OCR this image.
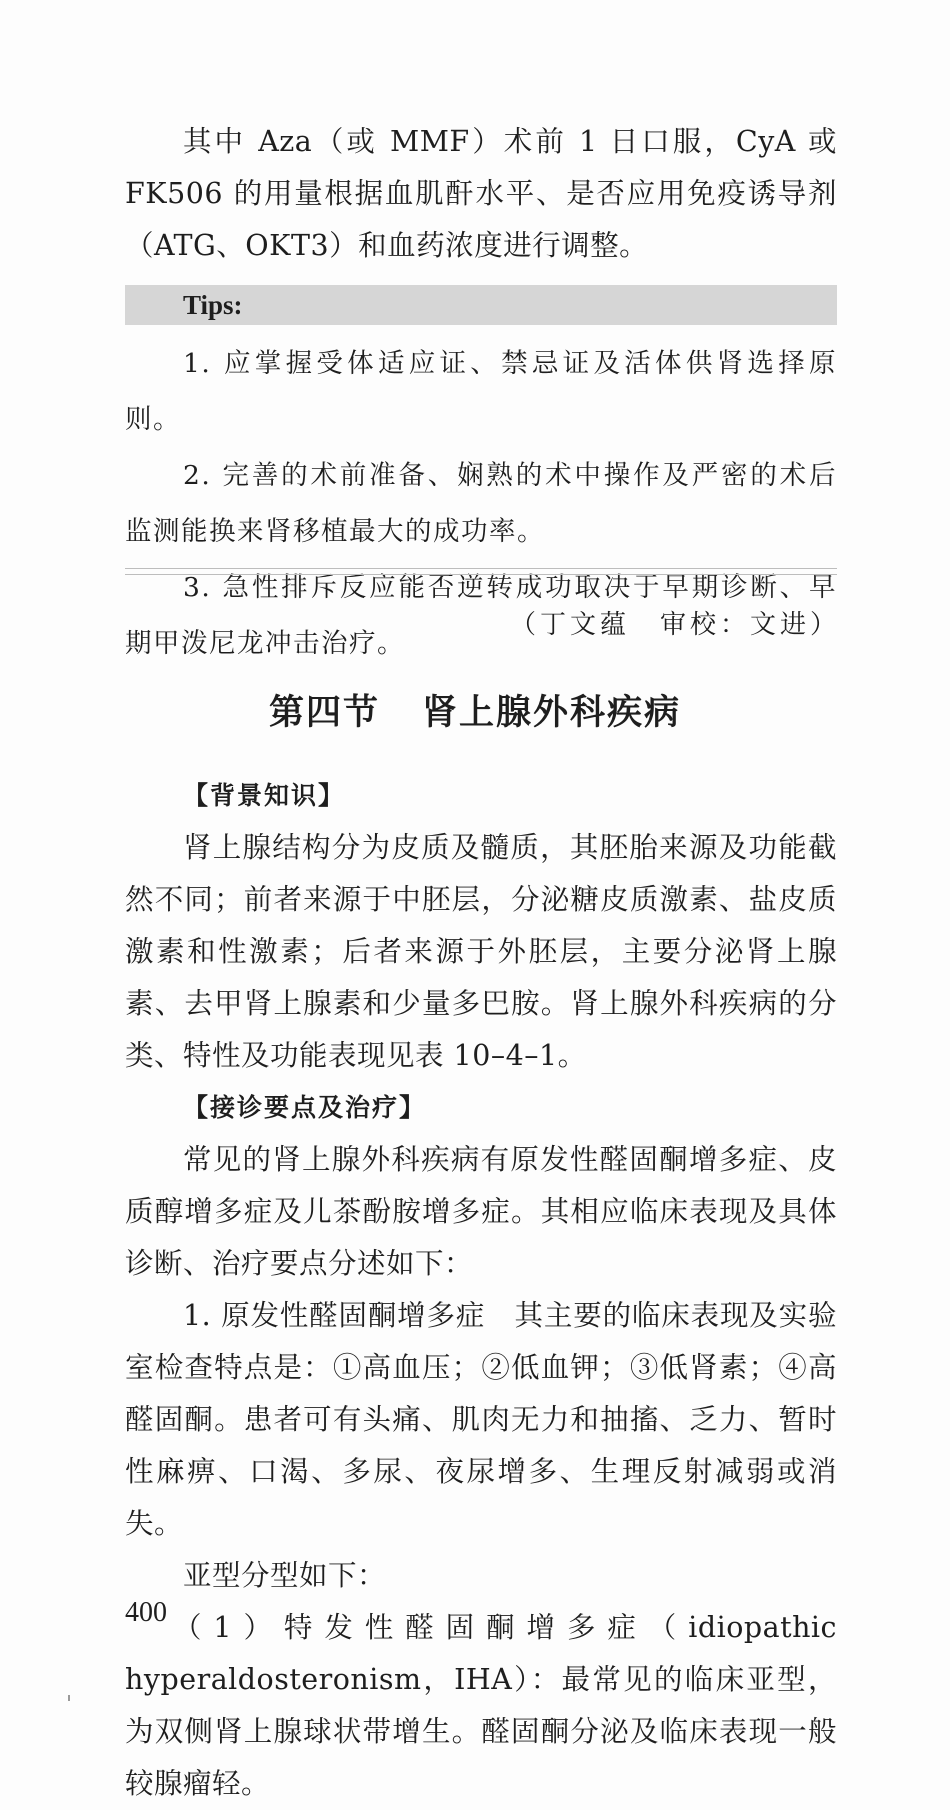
其中 Aza（或 MMF）术前 1 日口服，CyA 或 FK506 的用量根据血肌酐水平、是否应用免疫诱导剂（ATG、OKT3）和血药浓度进行调整。

Tips:

1. 应掌握受体适应证、禁忌证及活体供肾选择原则。

2. 完善的术前准备、娴熟的术中操作及严密的术后监测能换来肾移植最大的成功率。

3. 急性排斥反应能否逆转成功取决于早期诊断、早期甲泼尼龙冲击治疗。

（丁文蕴　审校：文进）
第四节 肾上腺外科疾病

【背景知识】

肾上腺结构分为皮质及髓质，其胚胎来源及功能截然不同；前者来源于中胚层，分泌糖皮质激素、盐皮质激素和性激素；后者来源于外胚层，主要分泌肾上腺素、去甲肾上腺素和少量多巴胺。肾上腺外科疾病的分类、特性及功能表现见表 10–4–1。

【接诊要点及治疗】

常见的肾上腺外科疾病有原发性醛固酮增多症、皮质醇增多症及儿茶酚胺增多症。其相应临床表现及具体诊断、治疗要点分述如下：

1. 原发性醛固酮增多症　其主要的临床表现及实验室检查特点是：①高血压；②低血钾；③低肾素；④高醛固酮。患者可有头痛、肌肉无力和抽搐、乏力、暂时性麻痹、口渴、多尿、夜尿增多、生理反射减弱或消失。

亚型分型如下：

（1）特发性醛固酮增多症（idiopathic hyperaldosteronism，IHA）：最常见的临床亚型，为双侧肾上腺球状带增生。醛固酮分泌及临床表现一般较腺瘤轻。

400
